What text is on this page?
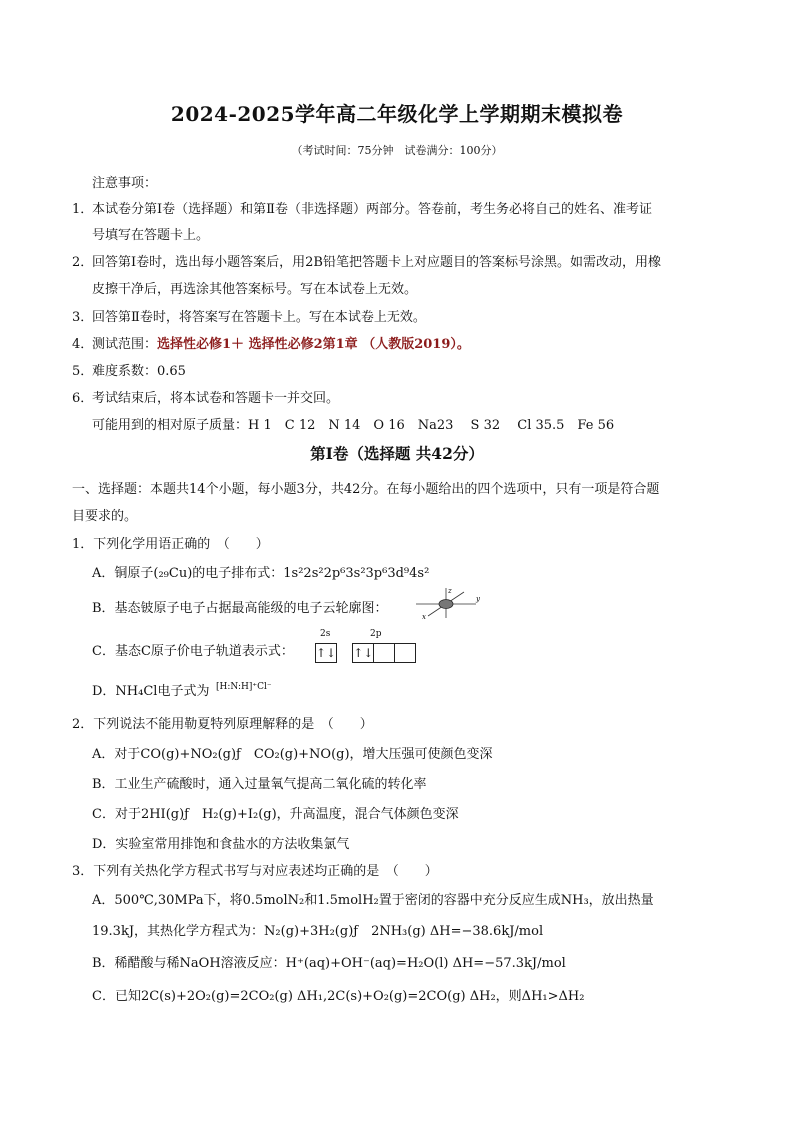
2024-2025学年高二年级化学上学期期末模拟卷
（考试时间：75分钟　试卷满分：100分）
注意事项：
1．
本试卷分第Ⅰ卷（选择题）和第Ⅱ卷（非选择题）两部分。答卷前，考生务必将自己的姓名、准考证
号填写在答题卡上。
2．
回答第Ⅰ卷时，选出每小题答案后，用2B铅笔把答题卡上对应题目的答案标号涂黑。如需改动，用橡
皮擦干净后，再选涂其他答案标号。写在本试卷上无效。
3．
回答第Ⅱ卷时，将答案写在答题卡上。写在本试卷上无效。
4．
测试范围：选择性必修1＋ 选择性必修2第1章 （人教版2019）。
5．
难度系数：0.65
6．
考试结束后，将本试卷和答题卡一并交回。
可能用到的相对原子质量：H 1　C 12　N 14　O 16　Na23　 S 32　 Cl 35.5　Fe 56
第Ⅰ卷（选择题 共42分）
一、选择题：本题共14个小题，每小题3分，共42分。在每小题给出的四个选项中，只有一项是符合题
目要求的。
1．下列化学用语正确的　（　　）
A．铜原子(₂₉Cu)的电子排布式：1s²2s²2p⁶3s²3p⁶3d⁹4s²
B．基态铍原子电子占据最高能级的电子云轮廓图：
y
z
x
C．基态C原子价电子轨道表示式：
2s	2p
↑↓ ↑↓
D．NH₄Cl电子式为 [H:N:H]⁺Cl⁻
2．下列说法不能用勒夏特列原理解释的是　（　　）
A．对于CO(g)+NO₂(g)ƒ　CO₂(g)+NO(g)，增大压强可使颜色变深
B．工业生产硫酸时，通入过量氧气提高二氧化硫的转化率
C．对于2HI(g)ƒ　H₂(g)+I₂(g)，升高温度，混合气体颜色变深
D．实验室常用排饱和食盐水的方法收集氯气
3．下列有关热化学方程式书写与对应表述均正确的是　（　　）
A．500℃,30MPa下，将0.5molN₂和1.5molH₂置于密闭的容器中充分反应生成NH₃，放出热量
19.3kJ，其热化学方程式为：N₂(g)+3H₂(g)ƒ　2NH₃(g) ΔH=−38.6kJ/mol
B．稀醋酸与稀NaOH溶液反应：H⁺(aq)+OH⁻(aq)=H₂O(l) ΔH=−57.3kJ/mol
C．已知2C(s)+2O₂(g)=2CO₂(g) ΔH₁,2C(s)+O₂(g)=2CO(g) ΔH₂，则ΔH₁>ΔH₂
